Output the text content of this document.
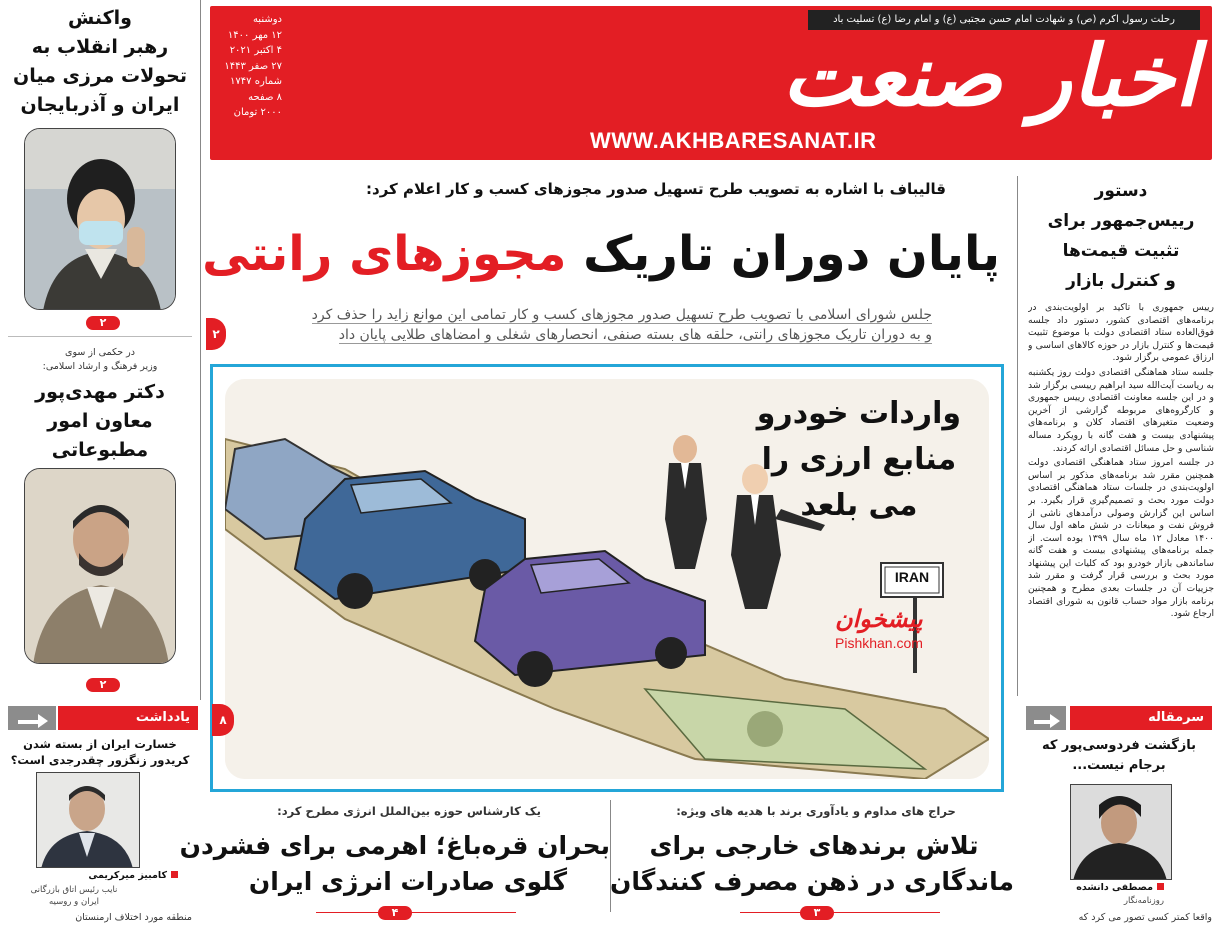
رحلت رسول اکرم (ص) و شهادت امام حسن مجتبی (ع) و امام رضا (ع) تسلیت باد
اخبار صنعت
WWW.AKHBARESANAT.IR
دوشنبه
۱۲ مهر ۱۴۰۰
۴ اکتبر ۲۰۲۱
۲۷ صفر ۱۴۴۳
شماره ۱۷۴۷
۸ صفحه
۲۰۰۰ تومان
واکنش
رهبر انقلاب به
تحولات مرزی میان
ایران و آذربایجان
۲
در حکمی از سوی
وزیر فرهنگ و ارشاد اسلامی:
دکتر مهدی‌پور
معاون امور مطبوعاتی
۲
یادداشت
خسارت ایران از بسته شدن
کریدور زنگزور چقدرجدی است؟
کامبیز میرکریمی
نایب رئیس اتاق بازرگانی
ایران و روسیه
منطقه مورد اختلاف ارمنستان
قالیباف با اشاره به تصویب طرح تسهیل صدور مجوزهای کسب و کار اعلام کرد:
پایان دوران تاریک مجوزهای رانتی
جلس شورای اسلامی با تصویب طرح تسهیل صدور مجوزهای کسب و کار تمامی این موانع زاید را حذف کرد
و به دوران تاریک مجوزهای رانتی، حلقه های بسته صنفی، انحصارهای شغلی و امضاهای طلایی پایان داد
۲
IRAN
واردات خودرو
منابع ارزی را
می بلعد
پیشخوان
Pishkhan.com
۸
یک کارشناس حوزه بین‌الملل انرژی مطرح کرد:
بحران قره‌باغ؛ اهرمی برای فشردن
گلوی صادرات انرژی ایران
۴
حراج های مداوم و یادآوری برند با هدیه های ویژه:
تلاش برندهای خارجی برای
ماندگاری در ذهن مصرف کنندگان
۳
دستور
رییس‌جمهور برای
تثبیت قیمت‌ها
و کنترل بازار

رییس جمهوری با تاکید بر اولویت‌بندی در برنامه‌های اقتصادی کشور، دستور داد جلسه فوق‌العاده ستاد اقتصادی دولت با موضوع تثبیت قیمت‌ها و کنترل بازار در حوزه کالاهای اساسی و ارزاق عمومی برگزار شود.

جلسه ستاد هماهنگی اقتصادی دولت روز یکشنبه به ریاست آیت‌الله سید ابراهیم رییسی برگزار شد و در این جلسه معاونت اقتصادی رییس جمهوری و کارگروه‌های مربوطه گزارشی از آخرین وضعیت متغیرهای اقتصاد کلان و برنامه‌های پیشنهادی بیست و هفت گانه با رویکرد مساله شناسی و حل مسائل اقتصادی ارائه کردند.

در جلسه امروز ستاد هماهنگی اقتصادی دولت همچنین مقرر شد برنامه‌های مذکور بر اساس اولویت‌بندی در جلسات ستاد هماهنگی اقتصادی دولت مورد بحث و تصمیم‌گیری قرار بگیرد. بر اساس این گزارش وصولی درآمدهای ناشی از فروش نفت و میعانات در شش ماهه اول سال ۱۴۰۰ معادل ۱۲ ماه سال ۱۳۹۹ بوده است. از جمله برنامه‌های پیشنهادی بیست و هفت گانه ساماندهی بازار خودرو بود که کلیات این پیشنهاد مورد بحث و بررسی قرار گرفت و مقرر شد جزییات آن در جلسات بعدی مطرح و همچنین برنامه بازار مواد حساب قانون به شورای اقتصاد ارجاع شود.

سرمقاله
بازگشت فردوسی‌پور که
برجام نیست...
مصطفی دانشده
روزنامه‌نگار
واقعا کمتر کسی تصور می کرد که
